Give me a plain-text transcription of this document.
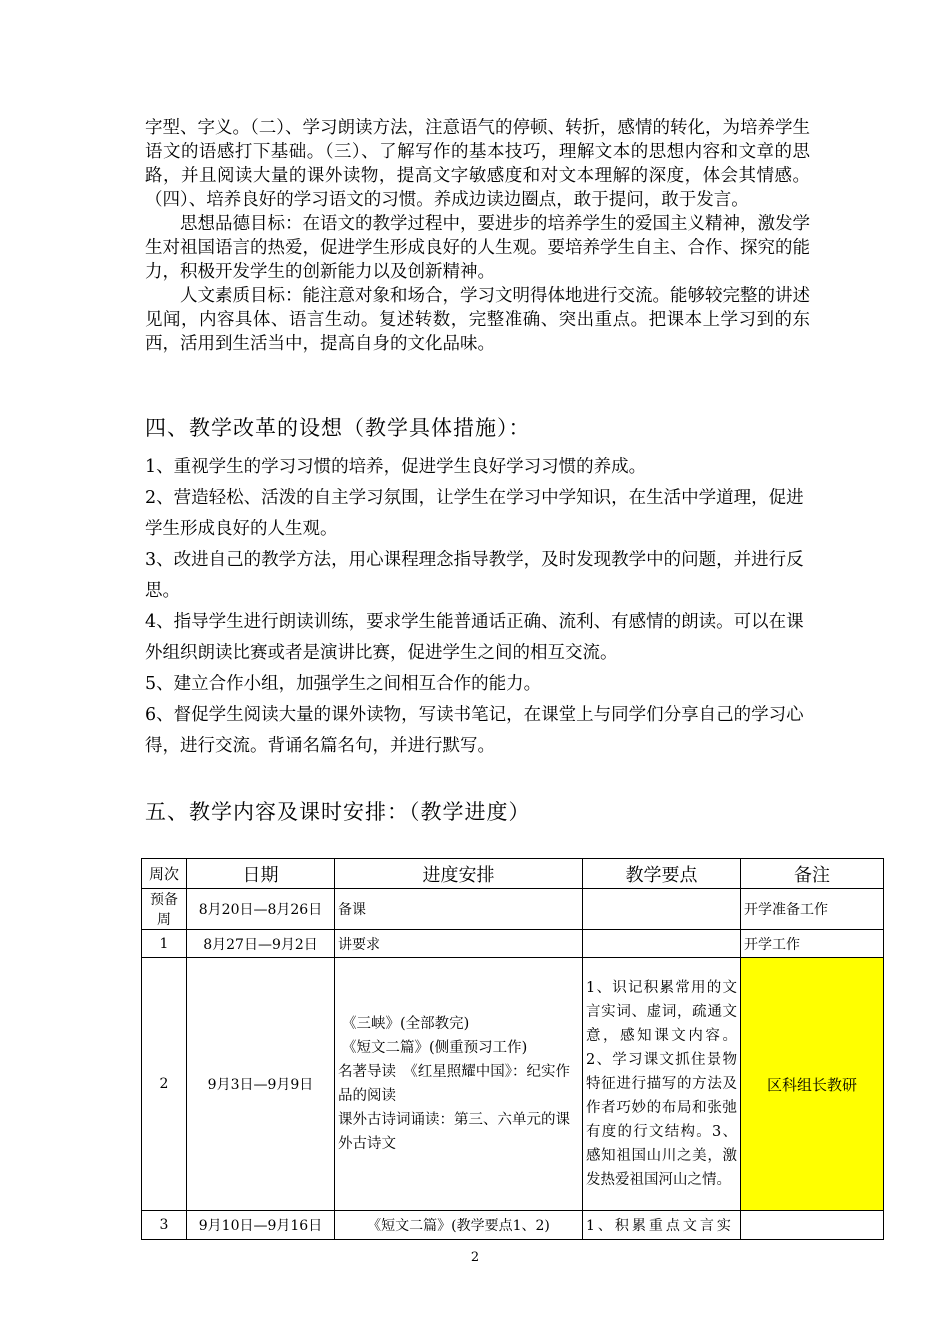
字型、字义。（二）、学习朗读方法，注意语气的停顿、转折，感情的转化，为培养学生语文的语感打下基础。（三）、了解写作的基本技巧，理解文本的思想内容和文章的思路，并且阅读大量的课外读物，提高文字敏感度和对文本理解的深度，体会其情感。（四）、培养良好的学习语文的习惯。养成边读边圈点，敢于提问，敢于发言。
思想品德目标：在语文的教学过程中，要进步的培养学生的爱国主义精神，激发学生对祖国语言的热爱，促进学生形成良好的人生观。要培养学生自主、合作、探究的能力，积极开发学生的创新能力以及创新精神。
人文素质目标：能注意对象和场合，学习文明得体地进行交流。能够较完整的讲述见闻，内容具体、语言生动。复述转数，完整准确、突出重点。把课本上学习到的东西，活用到生活当中，提高自身的文化品味。
四、教学改革的设想（教学具体措施）：
1、重视学生的学习习惯的培养，促进学生良好学习习惯的养成。
2、营造轻松、活泼的自主学习氛围，让学生在学习中学知识，在生活中学道理，促进学生形成良好的人生观。
3、改进自己的教学方法，用心课程理念指导教学，及时发现教学中的问题，并进行反思。
4、指导学生进行朗读训练，要求学生能普通话正确、流利、有感情的朗读。可以在课外组织朗读比赛或者是演讲比赛，促进学生之间的相互交流。
5、建立合作小组，加强学生之间相互合作的能力。
6、督促学生阅读大量的课外读物，写读书笔记，在课堂上与同学们分享自己的学习心得，进行交流。背诵名篇名句，并进行默写。
五、教学内容及课时安排：（教学进度）
周次	日期	进度安排	教学要点	备注
预备周	8月20日—8月26日	备课		开学准备工作
1	8月27日—9月2日	讲要求		开学工作
2	9月3日—9月9日	《三峡》(全部教完)
《短文二篇》(侧重预习工作)
名著导读　《红星照耀中国》：纪实作品的阅读
课外古诗词诵读：第三、六单元的课外古诗文	1、识记积累常用的文言实词、虚词，疏通文意，感知课文内容。2、学习课文抓住景物特征进行描写的方法及作者巧妙的布局和张弛有度的行文结构。3、感知祖国山川之美，激发热爱祖国河山之情。	区科组长教研
3	9月10日—9月16日	《短文二篇》(教学要点1、2)	1、积累重点文言实	
2
